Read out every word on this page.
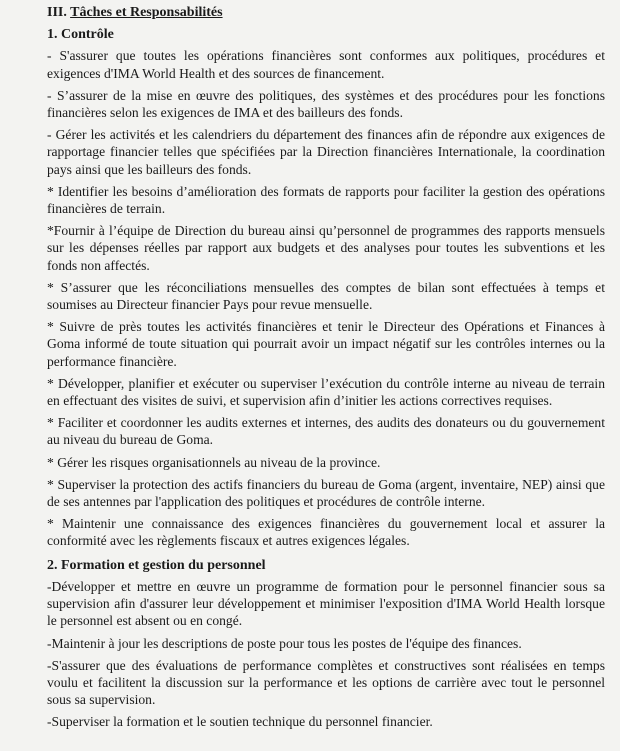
III. Tâches et Responsabilités
1. Contrôle
- S'assurer que toutes les opérations financières sont conformes aux politiques, procédures et exigences d'IMA World Health et des sources de financement.
- S’assurer de la mise en œuvre des politiques, des systèmes et des procédures pour les fonctions financières selon les exigences de IMA et des bailleurs des fonds.
- Gérer les activités et les calendriers du département des finances afin de répondre aux exigences de rapportage financier telles que spécifiées par la Direction financières Internationale, la coordination pays ainsi que les bailleurs des fonds.
* Identifier les besoins d’amélioration des formats de rapports pour faciliter la gestion des opérations financières de terrain.
*Fournir à l’équipe de Direction du bureau ainsi qu’personnel de programmes des rapports mensuels sur les dépenses réelles par rapport aux budgets et des analyses pour toutes les subventions et les fonds non affectés.
* S’assurer que les réconciliations mensuelles des comptes de bilan sont effectuées à temps et soumises au Directeur financier Pays pour revue mensuelle.
* Suivre de près toutes les activités financières et tenir le Directeur des Opérations et Finances à Goma informé de toute situation qui pourrait avoir un impact négatif sur les contrôles internes ou la performance financière.
* Développer, planifier et exécuter ou superviser l’exécution du contrôle interne au niveau de terrain en effectuant des visites de suivi, et supervision afin d’initier les actions correctives requises.
* Faciliter et coordonner les audits externes et internes, des audits des donateurs ou du gouvernement au niveau du bureau de Goma.
* Gérer les risques organisationnels au niveau de la province.
* Superviser la protection des actifs financiers du bureau de Goma (argent, inventaire, NEP) ainsi que de ses antennes par l'application des politiques et procédures de contrôle interne.
* Maintenir une connaissance des exigences financières du gouvernement local et assurer la conformité avec les règlements fiscaux et autres exigences légales.
2. Formation et gestion du personnel
-Développer et mettre en œuvre un programme de formation pour le personnel financier sous sa supervision afin d'assurer leur développement et minimiser l'exposition d'IMA World Health lorsque le personnel est absent ou en congé.
-Maintenir à jour les descriptions de poste pour tous les postes de l'équipe des finances.
-S'assurer que des évaluations de performance complètes et constructives sont réalisées en temps voulu et facilitent la discussion sur la performance et les options de carrière avec tout le personnel sous sa supervision.
-Superviser la formation et le soutien technique du personnel financier.
